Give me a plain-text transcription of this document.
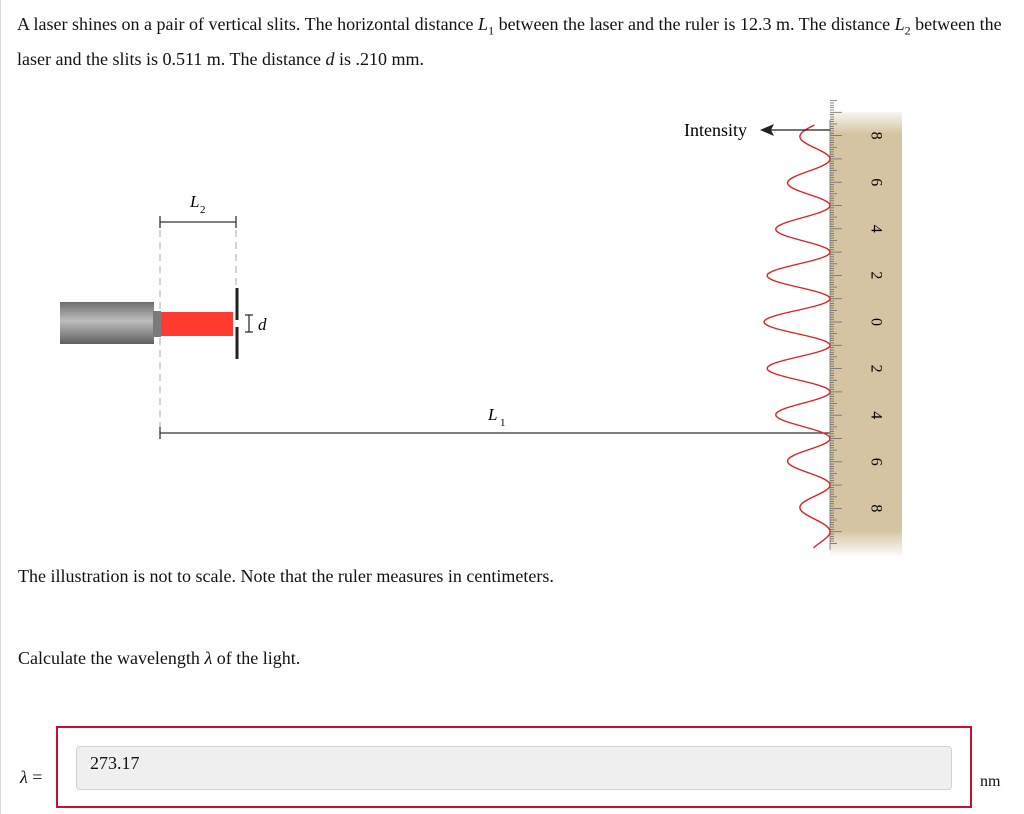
A laser shines on a pair of vertical slits. The horizontal distance $L_1$ between the laser and the ruler is 12.3 m. The distance $L_2$ between the laser and the slits is 0.511 m. The distance d is .210 mm.

L 2
d
L 1
8
6
4
2
0
2
4
6
8
Intensity

The illustration is not to scale. Note that the ruler measures in centimeters.

Calculate the wavelength λ of the light.

λ =
273.17	nm
